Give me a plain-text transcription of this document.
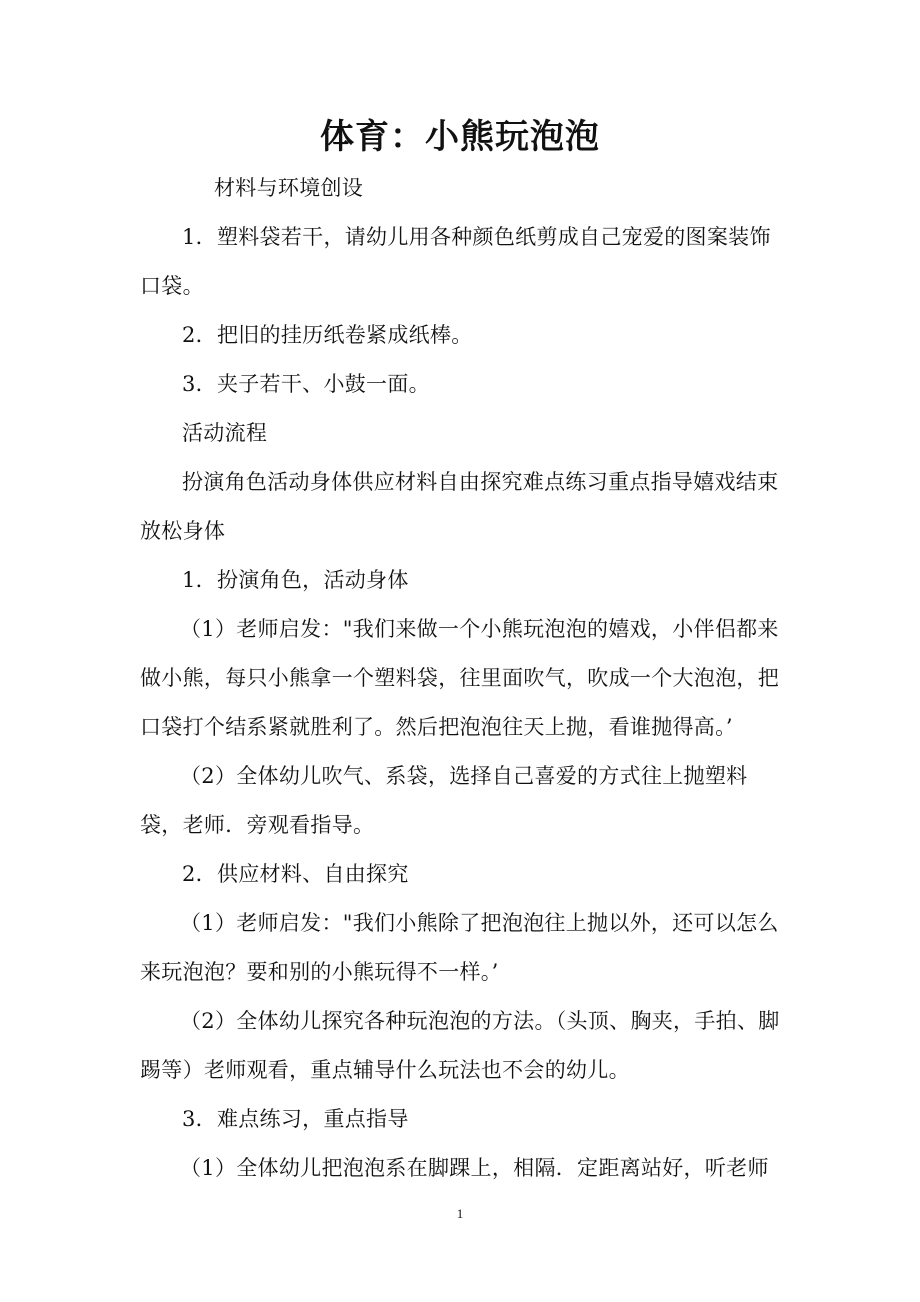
体育：小熊玩泡泡

材料与环境创设

1．塑料袋若干，请幼儿用各种颜色纸剪成自己宠爱的图案装饰口袋。

2．把旧的挂历纸卷紧成纸棒。

3．夹子若干、小鼓一面。

活动流程

扮演角色活动身体供应材料自由探究难点练习重点指导嬉戏结束放松身体

1．扮演角色，活动身体

（1）老师启发："我们来做一个小熊玩泡泡的嬉戏，小伴侣都来做小熊，每只小熊拿一个塑料袋，往里面吹气，吹成一个大泡泡，把口袋打个结系紧就胜利了。然后把泡泡往天上抛，看谁抛得高。’

（2）全体幼儿吹气、系袋，选择自己喜爱的方式往上抛塑料袋，老师．旁观看指导。

2．供应材料、自由探究

（1）老师启发："我们小熊除了把泡泡往上抛以外，还可以怎么来玩泡泡？要和别的小熊玩得不一样。’

（2）全体幼儿探究各种玩泡泡的方法。（头顶、胸夹，手拍、脚踢等）老师观看，重点辅导什么玩法也不会的幼儿。

3．难点练习，重点指导

（1）全体幼儿把泡泡系在脚踝上，相隔．定距离站好，听老师

1
